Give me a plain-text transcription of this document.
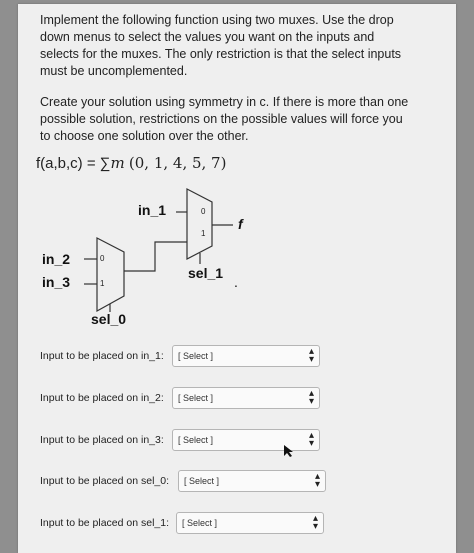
Implement the following function using two muxes. Use the drop down menus to select the values you want on the inputs and selects for the muxes. The only restriction is that the select inputs must be uncomplemented.

Create your solution using symmetry in c. If there is more than one possible solution, restrictions on the possible values will force you to choose one solution over the other.

f(a,b,c) = ∑m (0, 1, 4, 5, 7)
in_1
in_2
in_3
sel_0
sel_1
.
f
0
1
0
1
Input to be placed on in_1: [ Select ]	▴
▾
Input to be placed on in_2: [ Select ]	▴
▾
Input to be placed on in_3: [ Select ]	▴
▾
Input to be placed on sel_0: [ Select ]	▴
▾
Input to be placed on sel_1: [ Select ]	▴
▾
